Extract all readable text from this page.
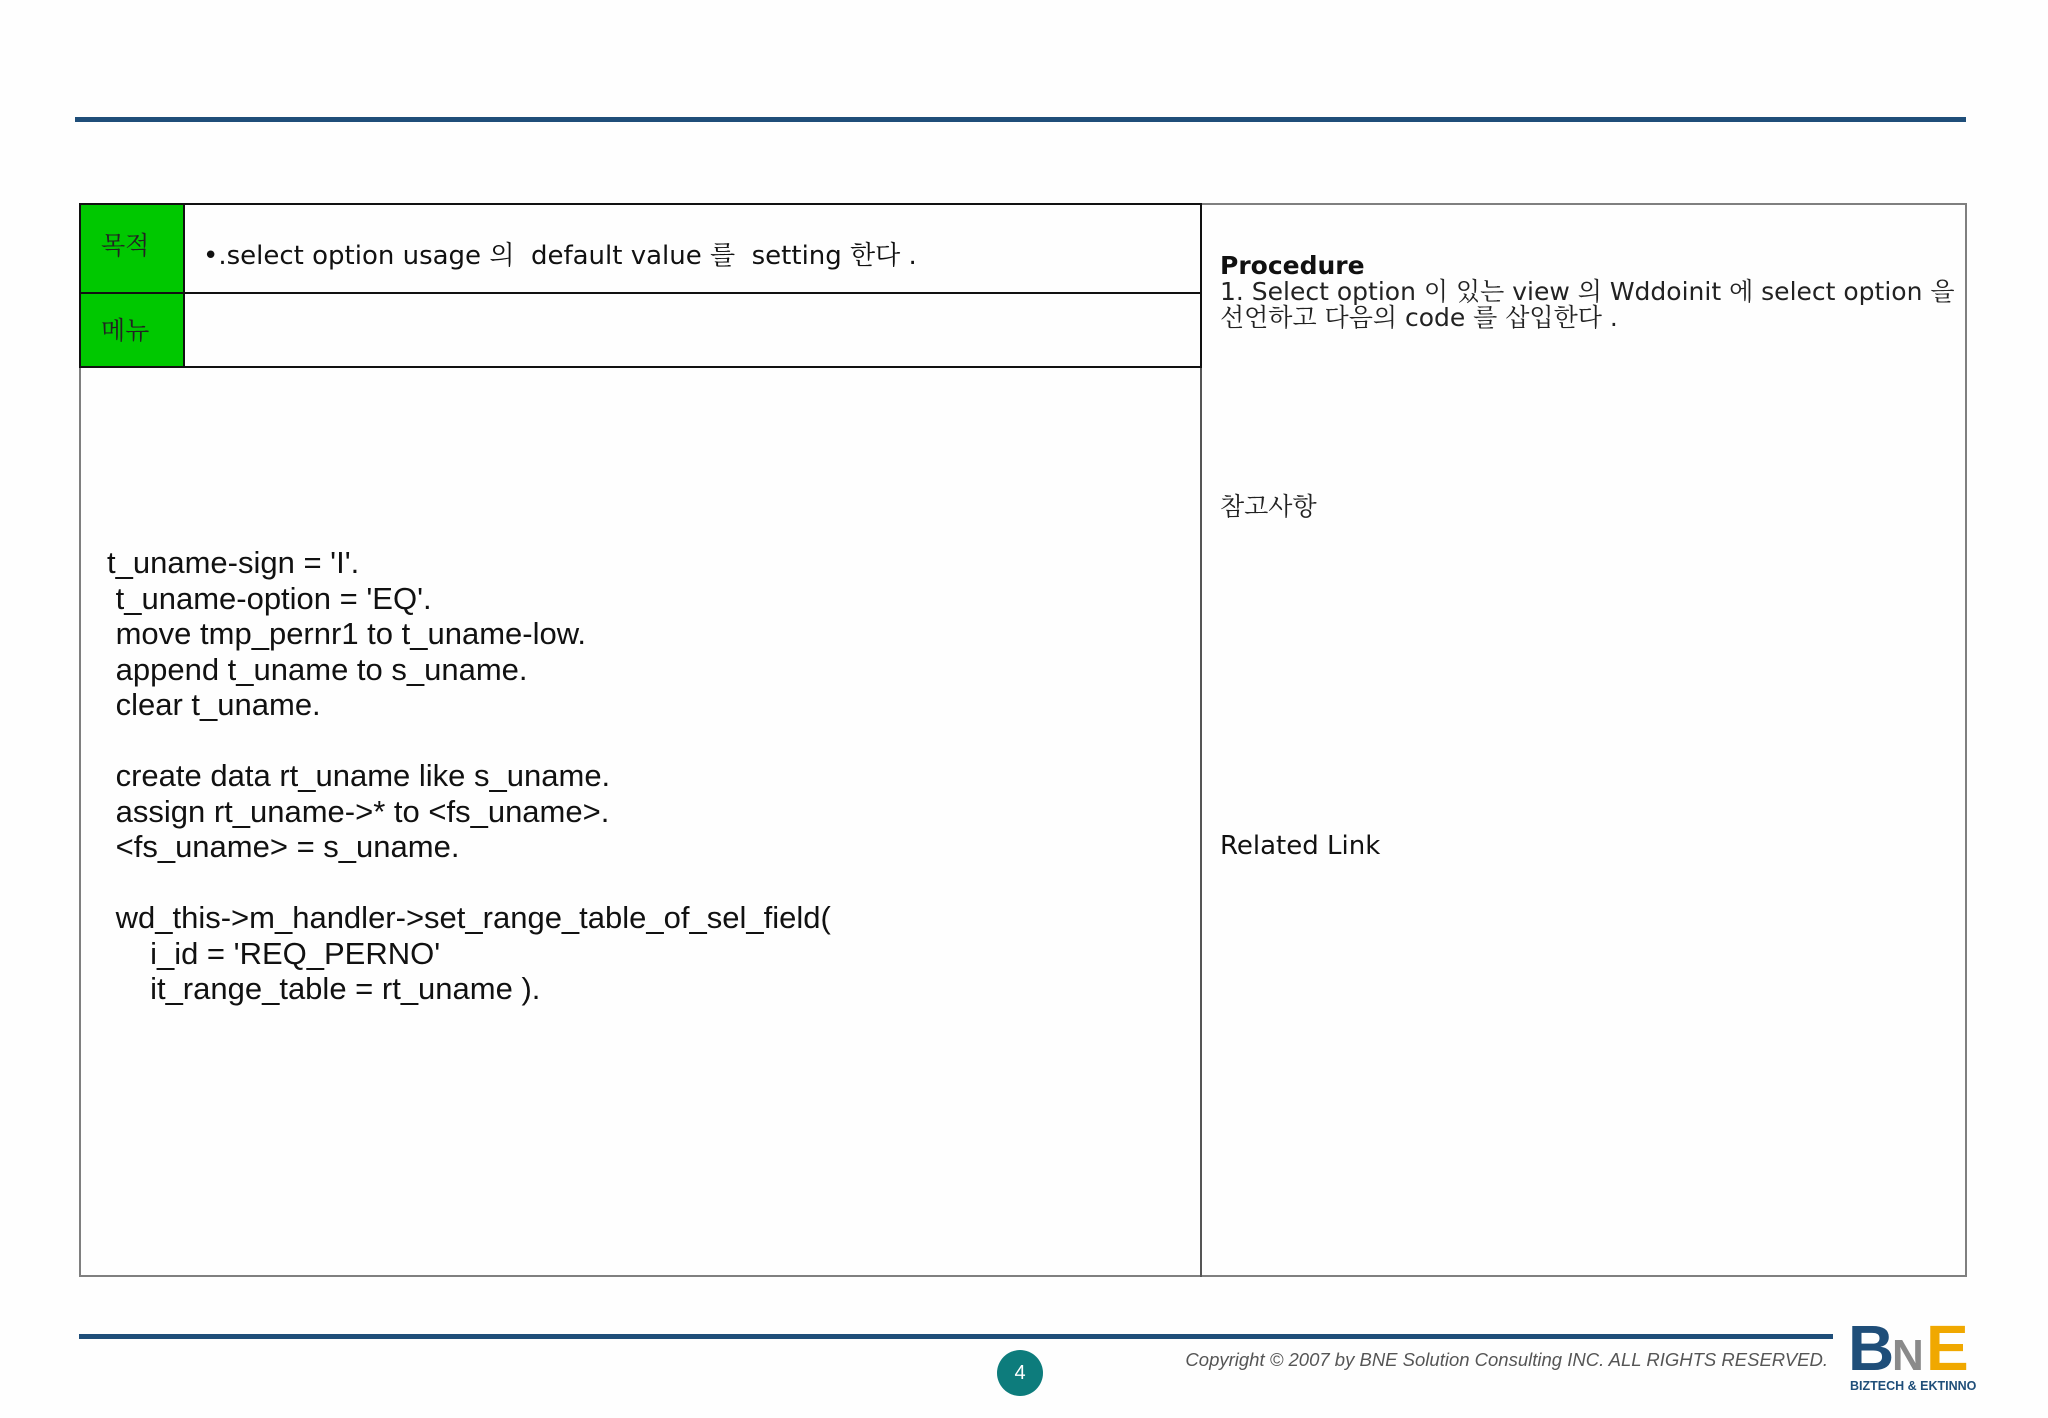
목적	•.select option usage 의  default value 를  setting 한다 .
메뉴
t_uname-sign = 'I'.
t_uname-option = 'EQ'.
move tmp_pernr1 to t_uname-low.
append t_uname to s_uname.
clear t_uname.

create data rt_uname like s_uname.
assign rt_uname->* to <fs_uname>.
<fs_uname> = s_uname.

wd_this->m_handler->set_range_table_of_sel_field(
i_id = 'REQ_PERNO'
it_range_table = rt_uname ).
Procedure
1. Select option 이 있는 view 의 Wddoinit 에 select option 을 선언하고 다음의 code 를 삽입한다 .
참고사항
Related Link
4
Copyright © 2007 by BNE Solution Consulting INC. ALL RIGHTS RESERVED. B
N E
BIZTECH & EKTINNO
